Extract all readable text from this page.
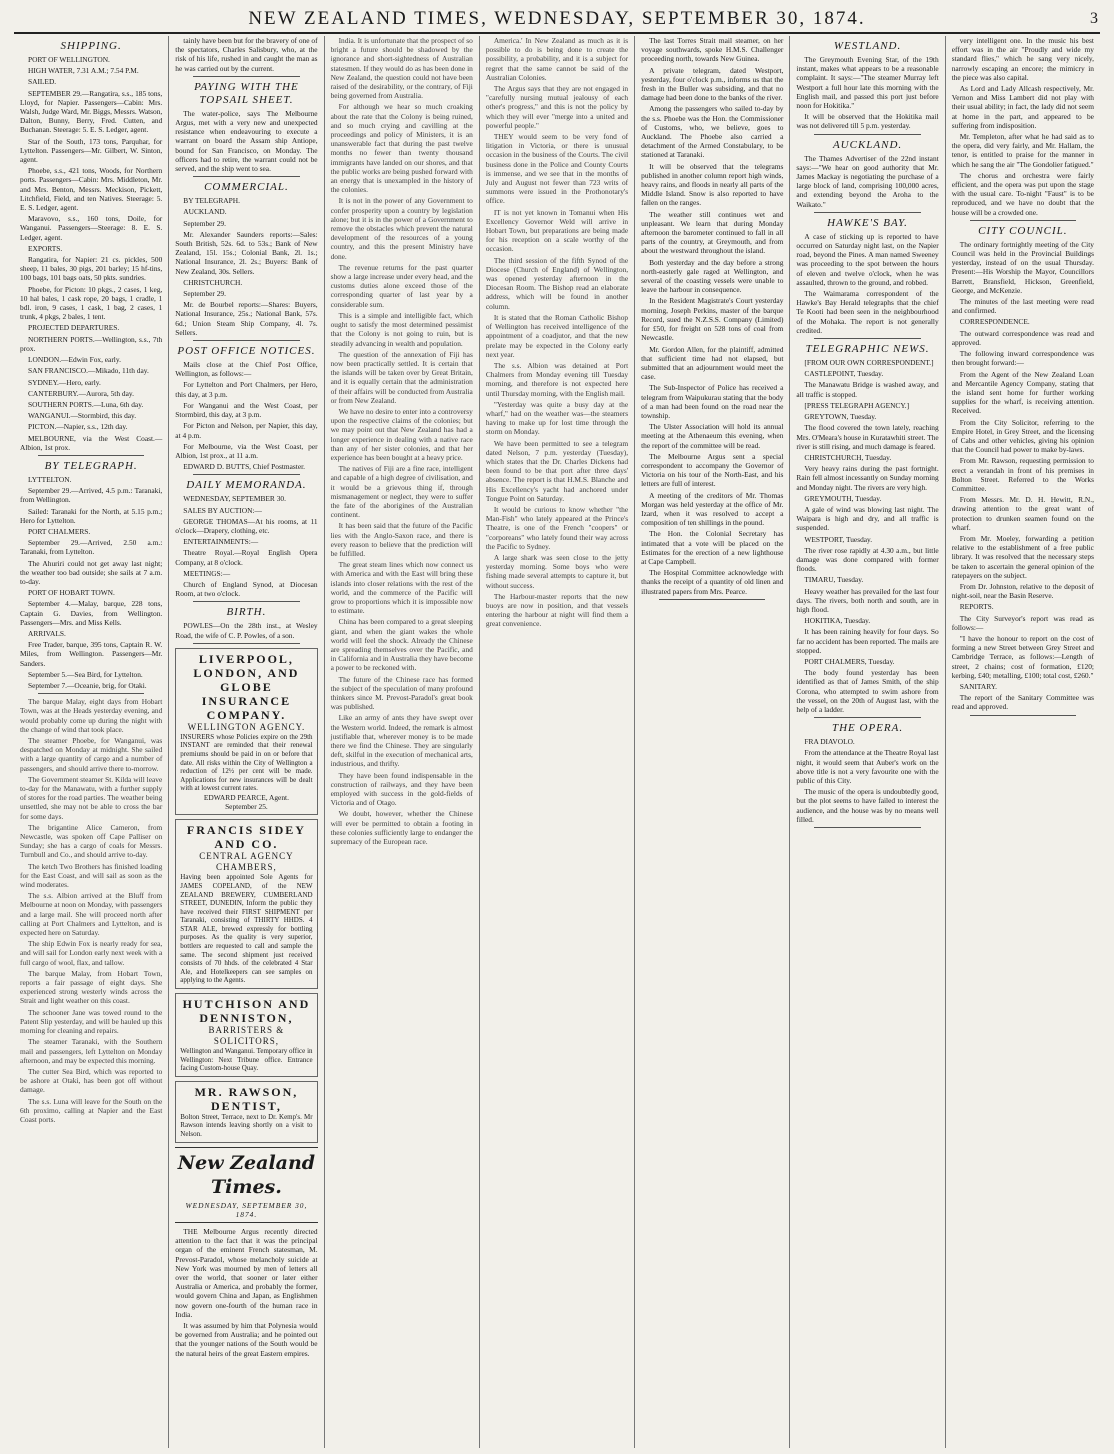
NEW ZEALAND TIMES, WEDNESDAY, SEPTEMBER 30, 1874.	3
SHIPPING.

PORT OF WELLINGTON.

HIGH WATER, 7.31 A.M.; 7.54 P.M.

SAILED.

SEPTEMBER 29.—Rangatira, s.s., 185 tons, Lloyd, for Napier. Passengers—Cabin: Mrs. Walsh, Judge Ward, Mr. Biggs, Messrs. Watson, Dalton, Bunny, Berry, Fred. Cutten, and Buchanan. Steerage: 5. E. S. Ledger, agent.

Star of the South, 173 tons, Parquhar, for Lyttelton. Passengers—Mr. Gilbert, W. Sinton, agent.

Phoebe, s.s., 421 tons, Woods, for Northern ports. Passengers—Cabin: Mrs. Middleton, Mr. and Mrs. Benton, Messrs. Meckison, Pickett, Litchfield, Field, and ten Natives. Steerage: 5. E. S. Ledger, agent.

Maravovo, s.s., 160 tons, Doile, for Wanganui. Passengers—Steerage: 8. E. S. Ledger, agent.

EXPORTS.

Rangatira, for Napier: 21 cs. pickles, 500 sheep, 11 bales, 30 pigs, 201 barley; 15 hf-tins, 100 bags, 101 bags oats, 50 pkts. sundries.

Phoebe, for Picton: 10 pkgs., 2 cases, 1 keg, 10 hal bales, 1 cask rope, 20 bags, 1 cradle, 1 bdl. iron, 9 cases, 1 cask, 1 bag, 2 cases, 1 trunk, 4 pkgs, 2 bales, 1 tent.

PROJECTED DEPARTURES.

NORTHERN PORTS.—Wellington, s.s., 7th prox.

LONDON.—Edwin Fox, early.

SAN FRANCISCO.—Mikado, 11th day.

SYDNEY.—Hero, early.

CANTERBURY.—Aurora, 5th day.

SOUTHERN PORTS.—Luna, 6th day.

WANGANUI.—Stormbird, this day.

PICTON.—Napier, s.s., 12th day.

MELBOURNE, via the West Coast.—Albion, 1st prox.

BY TELEGRAPH.

LYTTELTON.

September 29.—Arrived, 4.5 p.m.: Taranaki, from Wellington.

Sailed: Taranaki for the North, at 5.15 p.m.; Hero for Lyttelton.

PORT CHALMERS.

September 29.—Arrived, 2.50 a.m.: Taranaki, from Lyttelton.

The Ahuriri could not get away last night; the weather too bad outside; she sails at 7 a.m. to-day.

PORT OF HOBART TOWN.

September 4.—Malay, barque, 228 tons, Captain G. Davies, from Wellington. Passengers—Mrs. and Miss Kells.

ARRIVALS.

Free Trader, barque, 395 tons, Captain R. W. Miles, from Wellington. Passengers—Mr. Sanders.

September 5.—Sea Bird, for Lyttelton.

September 7.—Oceanie, brig, for Otaki.

The barque Malay, eight days from Hobart Town, was at the Heads yesterday evening, and would probably come up during the night with the change of wind that took place.

The steamer Phoebe, for Wanganui, was despatched on Monday at midnight. She sailed with a large quantity of cargo and a number of passengers, and should arrive there to-morrow.

The Government steamer St. Kilda will leave to-day for the Manawatu, with a further supply of stores for the road parties. The weather being unsettled, she may not be able to cross the bar for some days.

The brigantine Alice Cameron, from Newcastle, was spoken off Cape Palliser on Sunday; she has a cargo of coals for Messrs. Turnbull and Co., and should arrive to-day.

The ketch Two Brothers has finished loading for the East Coast, and will sail as soon as the wind moderates.

The s.s. Albion arrived at the Bluff from Melbourne at noon on Monday, with passengers and a large mail. She will proceed north after calling at Port Chalmers and Lyttelton, and is expected here on Saturday.

The ship Edwin Fox is nearly ready for sea, and will sail for London early next week with a full cargo of wool, flax, and tallow.

The barque Malay, from Hobart Town, reports a fair passage of eight days. She experienced strong westerly winds across the Strait and light weather on this coast.

The schooner Jane was towed round to the Patent Slip yesterday, and will be hauled up this morning for cleaning and repairs.

The steamer Taranaki, with the Southern mail and passengers, left Lyttelton on Monday afternoon, and may be expected this morning.

The cutter Sea Bird, which was reported to be ashore at Otaki, has been got off without damage.

The s.s. Luna will leave for the South on the 6th proximo, calling at Napier and the East Coast ports.

tainly have been but for the bravery of one of the spectators, Charles Salisbury, who, at the risk of his life, rushed in and caught the man as he was carried out by the current.

PAYING WITH THE TOPSAIL SHEET.

The water-police, says The Melbourne Argus, met with a very new and unexpected resistance when endeavouring to execute a warrant on board the Assam ship Antiope, bound for San Francisco, on Monday. The officers had to retire, the warrant could not be served, and the ship went to sea.

COMMERCIAL.

BY TELEGRAPH.

AUCKLAND.

September 29.

Mr. Alexander Saunders reports:—Sales: South British, 52s. 6d. to 53s.; Bank of New Zealand, 15l. 15s.; Colonial Bank, 2l. 1s.; National Insurance, 2l. 2s.; Buyers: Bank of New Zealand, 30s. Sellers.

CHRISTCHURCH.

September 29.

Mr. de Bourbel reports:—Shares: Buyers, National Insurance, 25s.; National Bank, 57s. 6d.; Union Steam Ship Company, 4l. 7s. Sellers.

POST OFFICE NOTICES.

Mails close at the Chief Post Office, Wellington, as follows:—

For Lyttelton and Port Chalmers, per Hero, this day, at 3 p.m.

For Wanganui and the West Coast, per Stormbird, this day, at 3 p.m.

For Picton and Nelson, per Napier, this day, at 4 p.m.

For Melbourne, via the West Coast, per Albion, 1st prox., at 11 a.m.

EDWARD D. BUTTS, Chief Postmaster.

DAILY MEMORANDA.

WEDNESDAY, SEPTEMBER 30.

SALES BY AUCTION:—

GEORGE THOMAS—At his rooms, at 11 o'clock—Drapery, clothing, etc.

ENTERTAINMENTS:—

Theatre Royal.—Royal English Opera Company, at 8 o'clock.

MEETINGS:—

Church of England Synod, at Diocesan Room, at two o'clock.

BIRTH.

POWLES—On the 28th inst., at Wesley Road, the wife of C. P. Powles, of a son.

LIVERPOOL, LONDON, AND GLOBE INSURANCE COMPANY.
WELLINGTON AGENCY.
INSURERS whose Policies expire on the 29th INSTANT are reminded that their renewal premiums should be paid in on or before that date. All risks within the City of Wellington a reduction of 12½ per cent will be made. Applications for new insurances will be dealt with at lowest current rates.
EDWARD PEARCE, Agent.
September 25.
FRANCIS SIDEY AND CO.
CENTRAL AGENCY CHAMBERS,
Having been appointed Sole Agents for JAMES COPELAND, of the NEW ZEALAND BREWERY, CUMBERLAND STREET, DUNEDIN, Inform the public they have received their FIRST SHIPMENT per Taranaki, consisting of THIRTY HHDS. 4 STAR ALE, brewed expressly for bottling purposes. As the quality is very superior, bottlers are requested to call and sample the same. The second shipment just received consists of 70 hhds. of the celebrated 4 Star Ale, and Hotelkeepers can see samples on applying to the Agents.
HUTCHISON AND DENNISTON,
BARRISTERS & SOLICITORS,
Wellington and Wanganui. Temporary office in Wellington: Next Tribune office. Entrance facing Custom-house Quay.
MR. RAWSON, DENTIST,
Bolton Street, Terrace, next to Dr. Kemp's. Mr Rawson intends leaving shortly on a visit to Nelson.
New Zealand Times.
WEDNESDAY, SEPTEMBER 30, 1874.

THE Melbourne Argus recently directed attention to the fact that it was the principal organ of the eminent French statesman, M. Prevost-Paradol, whose melancholy suicide at New York was mourned by men of letters all over the world, that sooner or later either Australia or America, and probably the former, would govern China and Japan, as Englishmen now govern one-fourth of the human race in India.

It was assumed by him that Polynesia would be governed from Australia; and he pointed out that the younger nations of the South would be the natural heirs of the great Eastern empires.

India. It is unfortunate that the prospect of so bright a future should be shadowed by the ignorance and short-sightedness of Australian statesmen. If they would do as has been done in New Zealand, the question could not have been raised of the desirability, or the contrary, of Fiji being governed from Australia.

For although we hear so much croaking about the rate that the Colony is being ruined, and so much crying and cavilling at the proceedings and policy of Ministers, it is an unanswerable fact that during the past twelve months no fewer than twenty thousand immigrants have landed on our shores, and that the public works are being pushed forward with an energy that is unexampled in the history of the colonies.

It is not in the power of any Government to confer prosperity upon a country by legislation alone; but it is in the power of a Government to remove the obstacles which prevent the natural development of the resources of a young country, and this the present Ministry have done.

The revenue returns for the past quarter show a large increase under every head, and the customs duties alone exceed those of the corresponding quarter of last year by a considerable sum.

This is a simple and intelligible fact, which ought to satisfy the most determined pessimist that the Colony is not going to ruin, but is steadily advancing in wealth and population.

The question of the annexation of Fiji has now been practically settled. It is certain that the islands will be taken over by Great Britain, and it is equally certain that the administration of their affairs will be conducted from Australia or from New Zealand.

We have no desire to enter into a controversy upon the respective claims of the colonies; but we may point out that New Zealand has had a longer experience in dealing with a native race than any of her sister colonies, and that her experience has been bought at a heavy price.

The natives of Fiji are a fine race, intelligent and capable of a high degree of civilisation, and it would be a grievous thing if, through mismanagement or neglect, they were to suffer the fate of the aborigines of the Australian continent.

It has been said that the future of the Pacific lies with the Anglo-Saxon race, and there is every reason to believe that the prediction will be fulfilled.

The great steam lines which now connect us with America and with the East will bring these islands into closer relations with the rest of the world, and the commerce of the Pacific will grow to proportions which it is impossible now to estimate.

China has been compared to a great sleeping giant, and when the giant wakes the whole world will feel the shock. Already the Chinese are spreading themselves over the Pacific, and in California and in Australia they have become a power to be reckoned with.

The future of the Chinese race has formed the subject of the speculation of many profound thinkers since M. Prevost-Paradol's great book was published.

Like an army of ants they have swept over the Western world. Indeed, the remark is almost justifiable that, wherever money is to be made there we find the Chinese. They are singularly deft, skilful in the execution of mechanical arts, industrious, and thrifty.

They have been found indispensable in the construction of railways, and they have been employed with success in the gold-fields of Victoria and of Otago.

We doubt, however, whether the Chinese will ever be permitted to obtain a footing in these colonies sufficiently large to endanger the supremacy of the European race.

America.' In New Zealand as much as it is possible to do is being done to create the possibility, a probability, and it is a subject for regret that the same cannot be said of the Australian Colonies.

The Argus says that they are not engaged in "carefully nursing mutual jealousy of each other's progress," and this is not the policy by which they will ever "merge into a united and powerful people."

THEY would seem to be very fond of litigation in Victoria, or there is unusual occasion in the business of the Courts. The civil business done in the Police and County Courts is immense, and we see that in the months of July and August not fewer than 723 writs of summons were issued in the Prothonotary's office.

IT is not yet known in Tomanui when His Excellency Governor Weld will arrive in Hobart Town, but preparations are being made for his reception on a scale worthy of the occasion.

The third session of the fifth Synod of the Diocese (Church of England) of Wellington, was opened yesterday afternoon in the Diocesan Room. The Bishop read an elaborate address, which will be found in another column.

It is stated that the Roman Catholic Bishop of Wellington has received intelligence of the appointment of a coadjutor, and that the new prelate may be expected in the Colony early next year.

The s.s. Albion was detained at Port Chalmers from Monday evening till Tuesday morning, and therefore is not expected here until Thursday morning, with the English mail.

"Yesterday was quite a busy day at the wharf," had on the weather was—the steamers having to make up for lost time through the storm on Monday.

We have been permitted to see a telegram dated Nelson, 7 p.m. yesterday (Tuesday), which states that the Dr. Charles Dickens had been found to be that port after three days' absence. The report is that H.M.S. Blanche and His Excellency's yacht had anchored under Tongue Point on Saturday.

It would be curious to know whether "the Man-Fish" who lately appeared at the Prince's Theatre, is one of the French "coopers" or "corporeans" who lately found their way across the Pacific to Sydney.

A large shark was seen close to the jetty yesterday morning. Some boys who were fishing made several attempts to capture it, but without success.

The Harbour-master reports that the new buoys are now in position, and that vessels entering the harbour at night will find them a great convenience.

The last Torres Strait mail steamer, on her voyage southwards, spoke H.M.S. Challenger proceeding north, towards New Guinea.

A private telegram, dated Westport, yesterday, four o'clock p.m., informs us that the fresh in the Buller was subsiding, and that no damage had been done to the banks of the river.

Among the passengers who sailed to-day by the s.s. Phoebe was the Hon. the Commissioner of Customs, who, we believe, goes to Auckland. The Phoebe also carried a detachment of the Armed Constabulary, to be stationed at Taranaki.

It will be observed that the telegrams published in another column report high winds, heavy rains, and floods in nearly all parts of the Middle Island. Snow is also reported to have fallen on the ranges.

The weather still continues wet and unpleasant. We learn that during Monday afternoon the barometer continued to fall in all parts of the country, at Greymouth, and from about the westward throughout the island.

Both yesterday and the day before a strong north-easterly gale raged at Wellington, and several of the coasting vessels were unable to leave the harbour in consequence.

In the Resident Magistrate's Court yesterday morning, Joseph Perkins, master of the barque Record, sued the N.Z.S.S. Company (Limited) for £50, for freight on 528 tons of coal from Newcastle.

Mr. Gordon Allen, for the plaintiff, admitted that sufficient time had not elapsed, but submitted that an adjournment would meet the case.

The Sub-Inspector of Police has received a telegram from Waipukurau stating that the body of a man had been found on the road near the township.

The Ulster Association will hold its annual meeting at the Athenaeum this evening, when the report of the committee will be read.

The Melbourne Argus sent a special correspondent to accompany the Governor of Victoria on his tour of the North-East, and his letters are full of interest.

A meeting of the creditors of Mr. Thomas Morgan was held yesterday at the office of Mr. Izard, when it was resolved to accept a composition of ten shillings in the pound.

The Hon. the Colonial Secretary has intimated that a vote will be placed on the Estimates for the erection of a new lighthouse at Cape Campbell.

The Hospital Committee acknowledge with thanks the receipt of a quantity of old linen and illustrated papers from Mrs. Pearce.

WESTLAND.

The Greymouth Evening Star, of the 19th instant, makes what appears to be a reasonable complaint. It says:—"The steamer Murray left Westport a full hour late this morning with the English mail, and passed this port just before noon for Hokitika."

It will be observed that the Hokitika mail was not delivered till 5 p.m. yesterday.

AUCKLAND.

The Thames Advertiser of the 22nd instant says:—"We hear on good authority that Mr. James Mackay is negotiating the purchase of a large block of land, comprising 100,000 acres, and extending beyond the Aroha to the Waikato."

HAWKE'S BAY.

A case of sticking up is reported to have occurred on Saturday night last, on the Napier road, beyond the Pines. A man named Sweeney was proceeding to the spot between the hours of eleven and twelve o'clock, when he was assaulted, thrown to the ground, and robbed.

The Waimarama correspondent of the Hawke's Bay Herald telegraphs that the chief Te Kooti had been seen in the neighbourhood of the Mohaka. The report is not generally credited.

TELEGRAPHIC NEWS.

[FROM OUR OWN CORRESPONDENT.]

CASTLEPOINT, Tuesday.

The Manawatu Bridge is washed away, and all traffic is stopped.

[PRESS TELEGRAPH AGENCY.]

GREYTOWN, Tuesday.

The flood covered the town lately, reaching Mrs. O'Meara's house in Kuratawhiti street. The river is still rising, and much damage is feared.

CHRISTCHURCH, Tuesday.

Very heavy rains during the past fortnight. Rain fell almost incessantly on Sunday morning and Monday night. The rivers are very high.

GREYMOUTH, Tuesday.

A gale of wind was blowing last night. The Waipara is high and dry, and all traffic is suspended.

WESTPORT, Tuesday.

The river rose rapidly at 4.30 a.m., but little damage was done compared with former floods.

TIMARU, Tuesday.

Heavy weather has prevailed for the last four days. The rivers, both north and south, are in high flood.

HOKITIKA, Tuesday.

It has been raining heavily for four days. So far no accident has been reported. The mails are stopped.

PORT CHALMERS, Tuesday.

The body found yesterday has been identified as that of James Smith, of the ship Corona, who attempted to swim ashore from the vessel, on the 20th of August last, with the help of a ladder.

THE OPERA.

FRA DIAVOLO.

From the attendance at the Theatre Royal last night, it would seem that Auber's work on the above title is not a very favourite one with the public of this City.

The music of the opera is undoubtedly good, but the plot seems to have failed to interest the audience, and the house was by no means well filled.

very intelligent one. In the music his best effort was in the air "Proudly and wide my standard flies," which he sang very nicely, narrowly escaping an encore; the mimicry in the piece was also capital.

As Lord and Lady Allcash respectively, Mr. Vernon and Miss Lambert did not play with their usual ability; in fact, the lady did not seem at home in the part, and appeared to be suffering from indisposition.

Mr. Templeton, after what he had said as to the opera, did very fairly, and Mr. Hallam, the tenor, is entitled to praise for the manner in which he sang the air "The Gondolier fatigued."

The chorus and orchestra were fairly efficient, and the opera was put upon the stage with the usual care. To-night "Faust" is to be reproduced, and we have no doubt that the house will be a crowded one.

CITY COUNCIL.

The ordinary fortnightly meeting of the City Council was held in the Provincial Buildings yesterday, instead of on the usual Thursday. Present:—His Worship the Mayor, Councillors Barrett, Bransfield, Hickson, Greenfield, George, and McKenzie.

The minutes of the last meeting were read and confirmed.

CORRESPONDENCE.

The outward correspondence was read and approved.

The following inward correspondence was then brought forward:—

From the Agent of the New Zealand Loan and Mercantile Agency Company, stating that the island sent home for further working supplies for the wharf, is receiving attention. Received.

From the City Solicitor, referring to the Empire Hotel, in Grey Street, and the licensing of Cabs and other vehicles, giving his opinion that the Council had power to make by-laws.

From Mr. Rawson, requesting permission to erect a verandah in front of his premises in Bolton Street. Referred to the Works Committee.

From Messrs. Mr. D. H. Hewitt, R.N., drawing attention to the great want of protection to drunken seamen found on the wharf.

From Mr. Moeley, forwarding a petition relative to the establishment of a free public library. It was resolved that the necessary steps be taken to ascertain the general opinion of the ratepayers on the subject.

From Dr. Johnston, relative to the deposit of night-soil, near the Basin Reserve.

REPORTS.

The City Surveyor's report was read as follows:—

"I have the honour to report on the cost of forming a new Street between Grey Street and Cambridge Terrace, as follows:—Length of street, 2 chains; cost of formation, £120; kerbing, £40; metalling, £100; total cost, £260."

SANITARY.

The report of the Sanitary Committee was read and approved.
